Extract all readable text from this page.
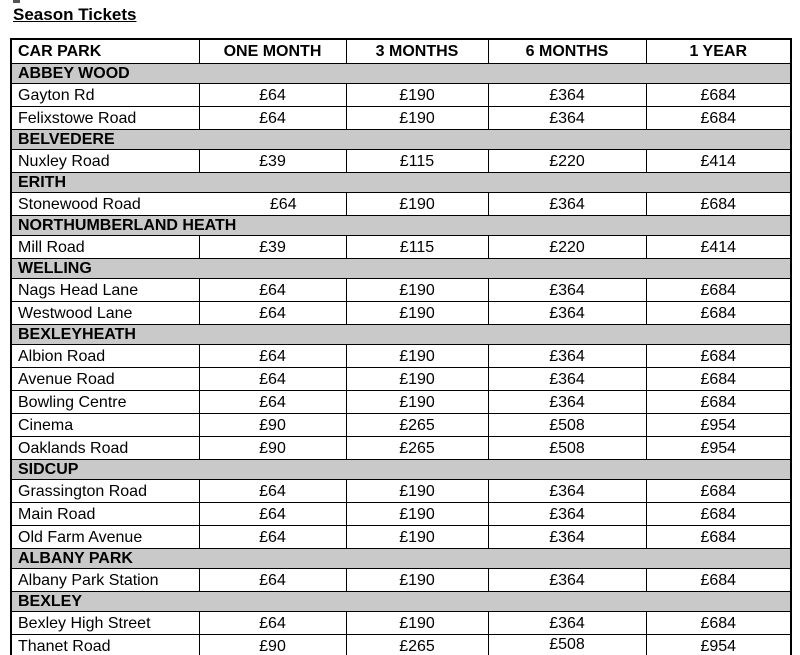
Season Tickets
CAR PARK	ONE MONTH	3 MONTHS	6 MONTHS	1 YEAR
ABBEY WOOD				
Gayton Rd	£64	£190	£364	£684
Felixstowe Road	£64	£190	£364	£684
BELVEDERE				
Nuxley Road	£39	£115	£220	£414
ERITH				
Stonewood Road	£64	£190	£364	£684
NORTHUMBERLAND HEATH				
Mill Road	£39	£115	£220	£414
WELLING				
Nags Head Lane	£64	£190	£364	£684
Westwood Lane	£64	£190	£364	£684
BEXLEYHEATH				
Albion Road	£64	£190	£364	£684
Avenue Road	£64	£190	£364	£684
Bowling Centre	£64	£190	£364	£684
Cinema	£90	£265	£508	£954
Oaklands Road	£90	£265	£508	£954
SIDCUP				
Grassington Road	£64	£190	£364	£684
Main Road	£64	£190	£364	£684
Old Farm Avenue	£64	£190	£364	£684
ALBANY PARK				
Albany Park Station	£64	£190	£364	£684
BEXLEY				
Bexley High Street	£64	£190	£364	£684
Thanet Road	£90	£265	£508	£954
